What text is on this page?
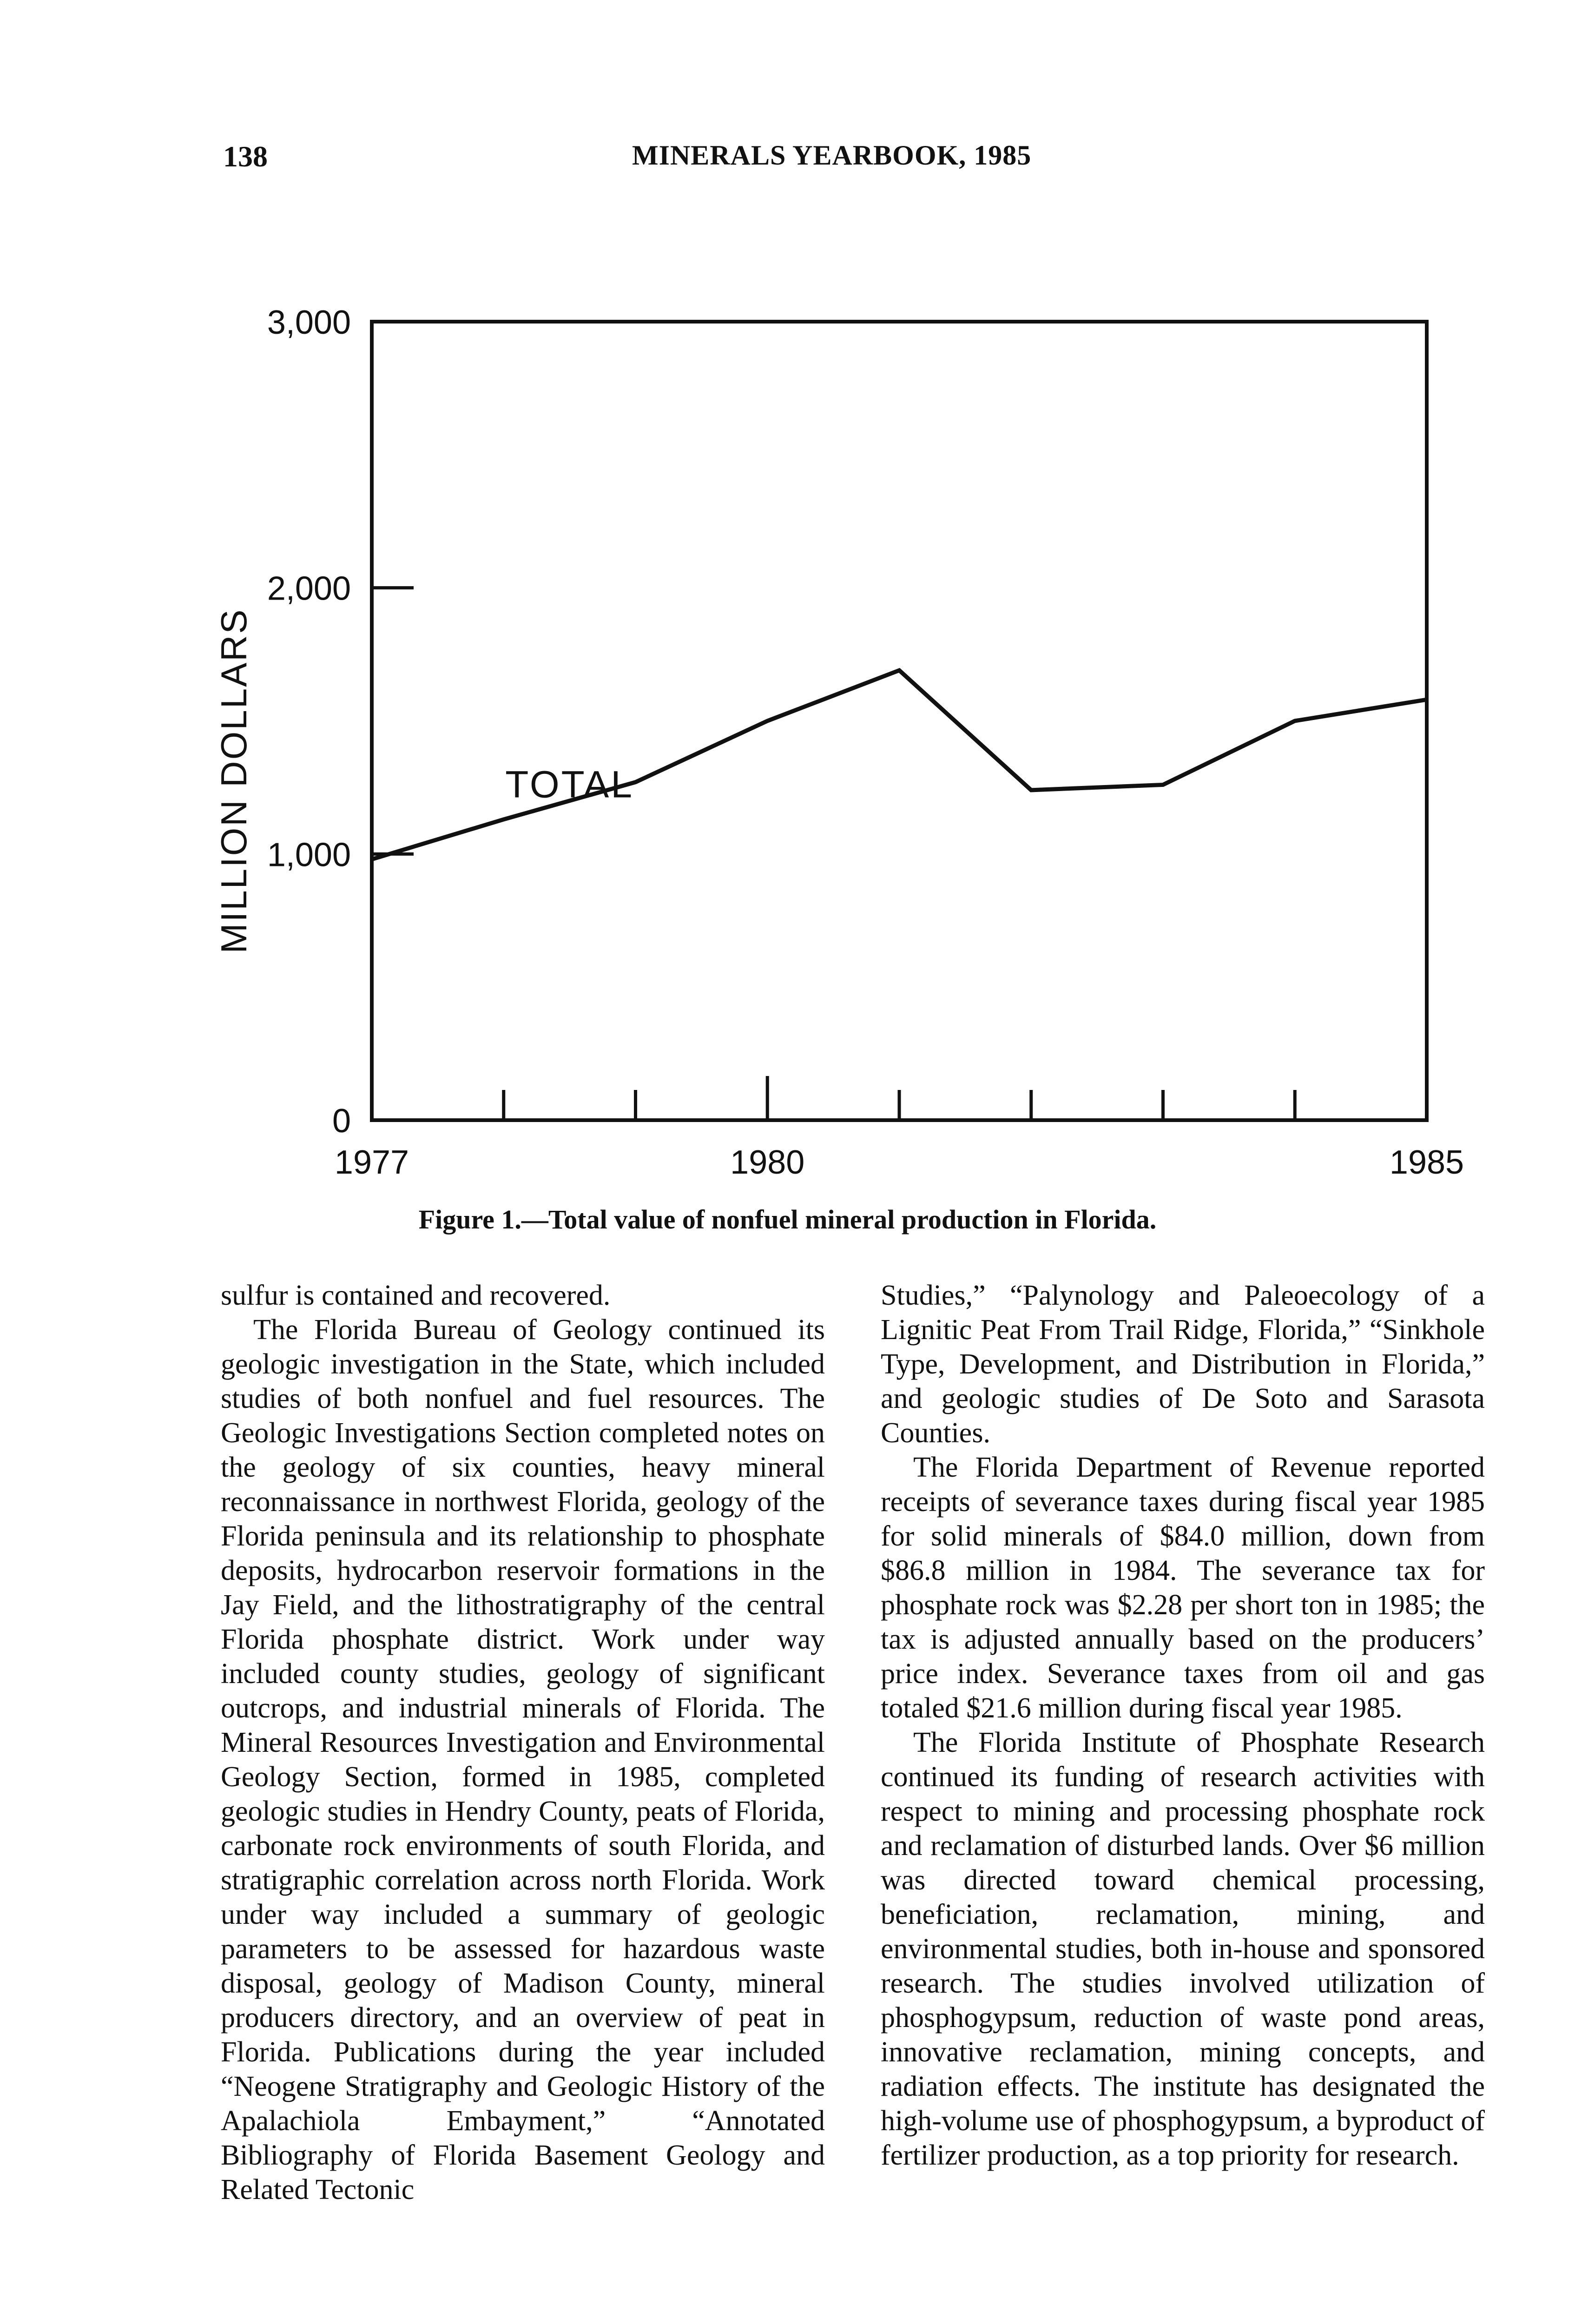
138	MINERALS YEARBOOK, 1985
0
1,000
2,000
3,000
1977	1980	1985
TOTAL
MILLION DOLLARS
Figure 1.—Total value of nonfuel mineral production in Florida.

sulfur is contained and recovered.

The Florida Bureau of Geology continued its geologic investigation in the State, which included studies of both nonfuel and fuel resources. The Geologic Investigations Section completed notes on the geology of six counties, heavy mineral reconnaissance in northwest Florida, geology of the Florida peninsula and its relationship to phosphate deposits, hydrocarbon reservoir formations in the Jay Field, and the lithostratigraphy of the central Florida phosphate district. Work under way included county studies, geology of significant outcrops, and industrial minerals of Florida. The Mineral Resources Investigation and Environmental Geology Section, formed in 1985, completed geologic studies in Hendry County, peats of Florida, carbonate rock environments of south Florida, and stratigraphic correlation across north Florida. Work under way included a summary of geologic parameters to be assessed for hazardous waste disposal, geology of Madison County, mineral producers directory, and an overview of peat in Florida. Publications during the year included “Neogene Stratigraphy and Geologic History of the Apalachiola Embayment,” “Annotated Bibliography of Florida Basement Geology and Related Tectonic

Studies,” “Palynology and Paleoecology of a Lignitic Peat From Trail Ridge, Florida,” “Sinkhole Type, Development, and Distribution in Florida,” and geologic studies of De Soto and Sarasota Counties.

The Florida Department of Revenue reported receipts of severance taxes during fiscal year 1985 for solid minerals of $84.0 million, down from $86.8 million in 1984. The severance tax for phosphate rock was $2.28 per short ton in 1985; the tax is adjusted annually based on the producers’ price index. Severance taxes from oil and gas totaled $21.6 million during fiscal year 1985.

The Florida Institute of Phosphate Research continued its funding of research activities with respect to mining and processing phosphate rock and reclamation of disturbed lands. Over $6 million was directed toward chemical processing, beneficiation, reclamation, mining, and environmental studies, both in-house and sponsored research. The studies involved utilization of phosphogypsum, reduction of waste pond areas, innovative reclamation, mining concepts, and radiation effects. The institute has designated the high-volume use of phosphogypsum, a byproduct of fertilizer production, as a top priority for research.
